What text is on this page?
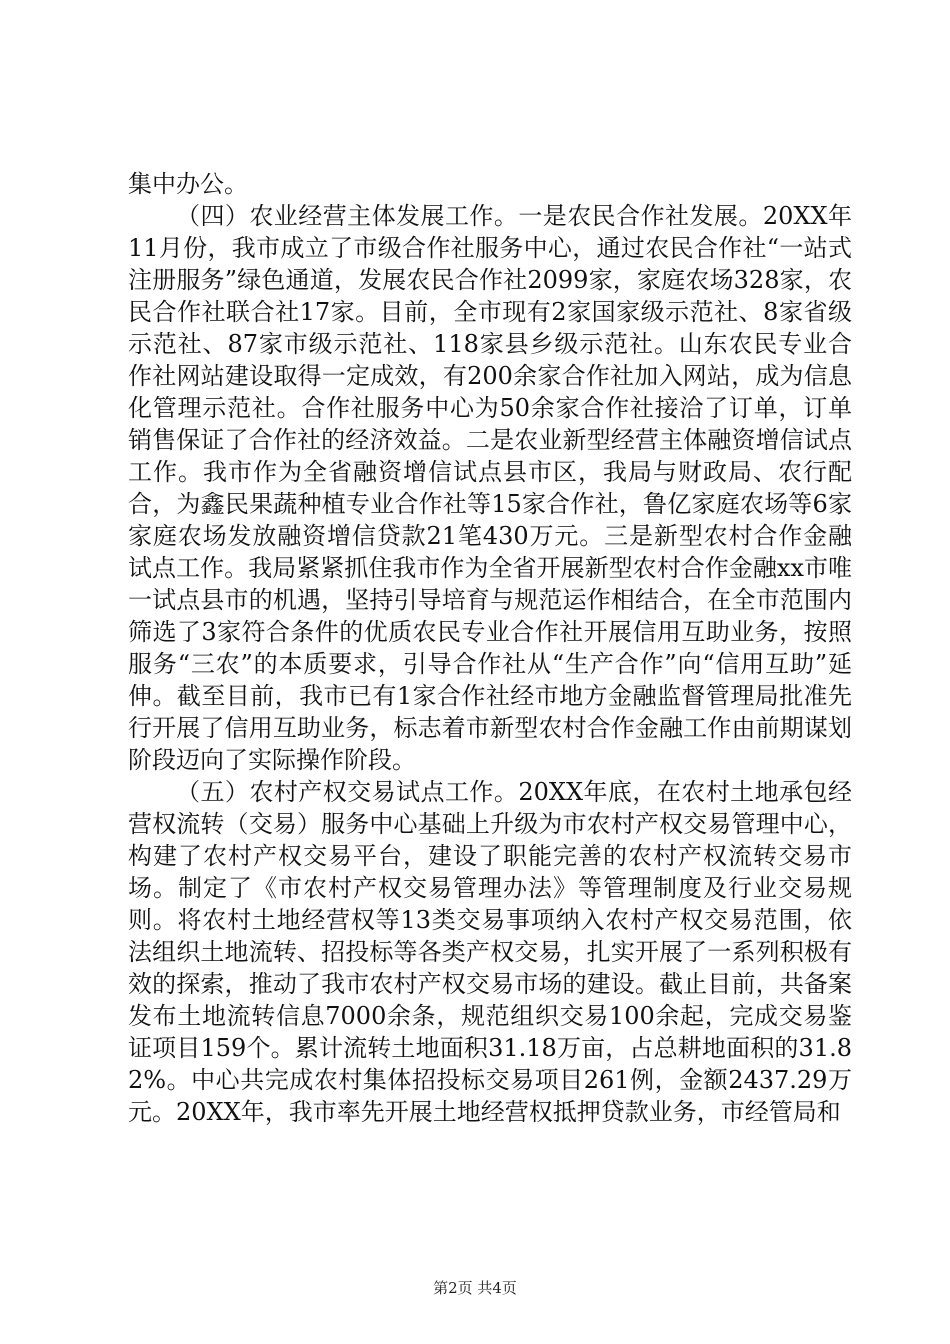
集中办公。

（四）农业经营主体发展工作。一是农民合作社发展。20XX年11月份，我市成立了市级合作社服务中心，通过农民合作社“一站式注册服务”绿色通道，发展农民合作社2099家，家庭农场328家，农民合作社联合社17家。目前，全市现有2家国家级示范社、8家省级示范社、87家市级示范社、118家县乡级示范社。山东农民专业合作社网站建设取得一定成效，有200余家合作社加入网站，成为信息化管理示范社。合作社服务中心为50余家合作社接洽了订单，订单销售保证了合作社的经济效益。二是农业新型经营主体融资增信试点工作。我市作为全省融资增信试点县市区，我局与财政局、农行配合，为鑫民果蔬种植专业合作社等15家合作社，鲁亿家庭农场等6家家庭农场发放融资增信贷款21笔430万元。三是新型农村合作金融试点工作。我局紧紧抓住我市作为全省开展新型农村合作金融xx市唯一试点县市的机遇，坚持引导培育与规范运作相结合，在全市范围内筛选了3家符合条件的优质农民专业合作社开展信用互助业务，按照服务“三农”的本质要求，引导合作社从“生产合作”向“信用互助”延伸。截至目前，我市已有1家合作社经市地方金融监督管理局批准先行开展了信用互助业务，标志着市新型农村合作金融工作由前期谋划阶段迈向了实际操作阶段。

（五）农村产权交易试点工作。20XX年底，在农村土地承包经营权流转（交易）服务中心基础上升级为市农村产权交易管理中心，构建了农村产权交易平台，建设了职能完善的农村产权流转交易市场。制定了《市农村产权交易管理办法》等管理制度及行业交易规则。将农村土地经营权等13类交易事项纳入农村产权交易范围，依法组织土地流转、招投标等各类产权交易，扎实开展了一系列积极有效的探索，推动了我市农村产权交易市场的建设。截止目前，共备案发布土地流转信息7000余条，规范组织交易100余起，完成交易鉴证项目159个。累计流转土地面积31.18万亩，占总耕地面积的31.82%。中心共完成农村集体招投标交易项目261例，金额2437.29万元。20XX年，我市率先开展土地经营权抵押贷款业务，市经管局和

第2页 共4页
